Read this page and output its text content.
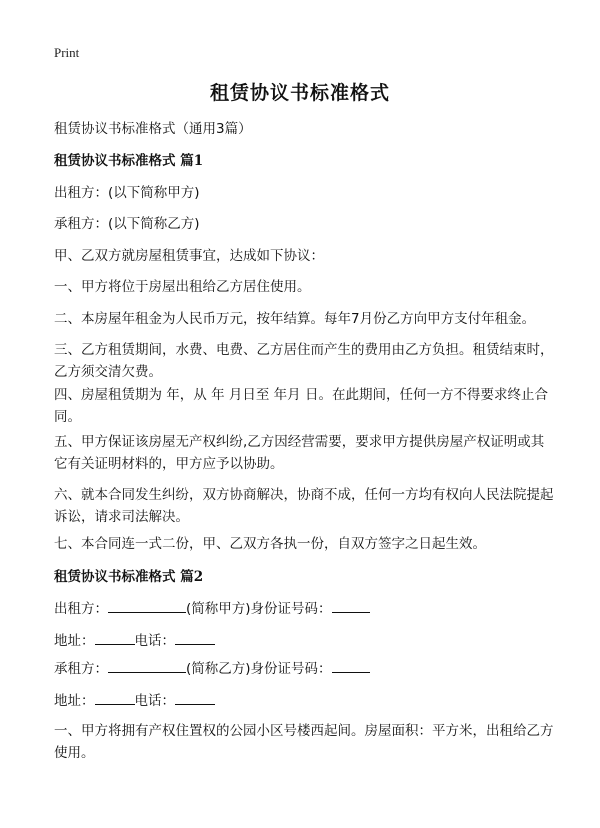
Print
租赁协议书标准格式
租赁协议书标准格式（通用3篇）
租赁协议书标准格式 篇1
出租方：(以下简称甲方)
承租方：(以下简称乙方)
甲、乙双方就房屋租赁事宜，达成如下协议：
一、甲方将位于房屋出租给乙方居住使用。
二、本房屋年租金为人民币万元，按年结算。每年7月份乙方向甲方支付年租金。
三、乙方租赁期间，水费、电费、乙方居住而产生的费用由乙方负担。租赁结束时，乙方须交清欠费。
四、房屋租赁期为 年，从 年 月日至 年月 日。在此期间，任何一方不得要求终止合同。
五、甲方保证该房屋无产权纠纷,乙方因经营需要，要求甲方提供房屋产权证明或其它有关证明材料的，甲方应予以协助。
六、就本合同发生纠纷，双方协商解决，协商不成，任何一方均有权向人民法院提起诉讼，请求司法解决。
七、本合同连一式二份，甲、乙双方各执一份，自双方签字之日起生效。
租赁协议书标准格式 篇2
出租方：	(简称甲方)身份证号码：
地址：	电话：
承租方：	(简称乙方)身份证号码：
地址：	电话：
一、甲方将拥有产权住置权的公园小区号楼西起间。房屋面积：平方米，出租给乙方使用。
